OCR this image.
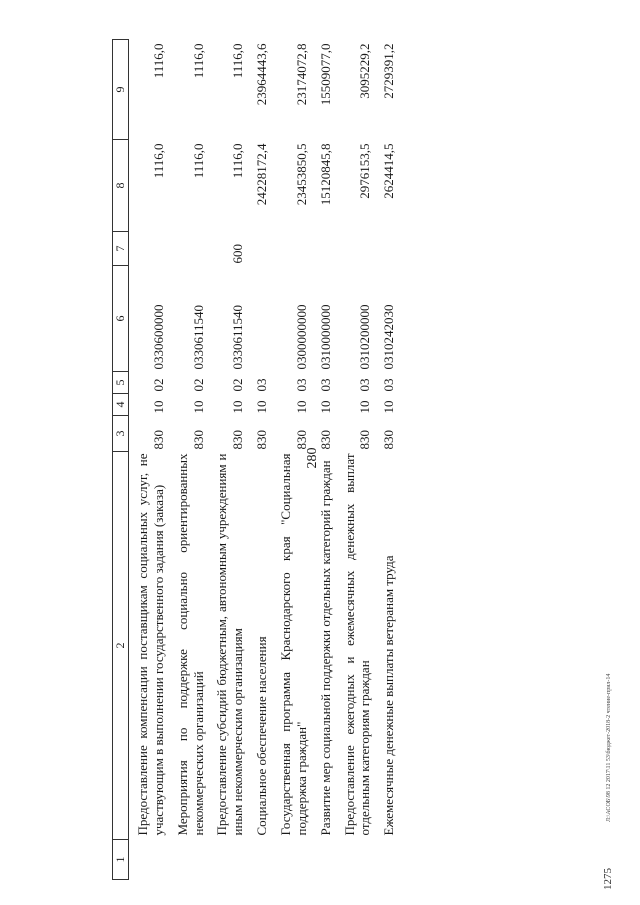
280
1	2	3	4	5	6	7	8	9
	Предоставление компенсации поставщикам социальных услуг, не участвующим в выполнении государственного задания (заказа)	830	10	02	0330600000		1116,0	1116,0
	Мероприятия по поддержке социально ориентированных некоммерческих организаций	830	10	02	0330611540		1116,0	1116,0
	Предоставление субсидий бюджетным, автономным учреждениям и иным некоммерческим организациям	830	10	02	0330611540	600	1116,0	1116,0
	Социальное обеспечение населения	830	10	03			24228172,4	23964443,6
	Государственная программа Краснодарского края "Социальная поддержка граждан"	830	10	03	0300000000		23453850,5	23174072,8
	Развитие мер социальной поддержки отдельных категорий граждан	830	10	03	0310000000		15120845,8	15509077,0
	Предоставление ежегодных и ежемесячных денежных выплат отдельным категориям граждан	830	10	03	0310200000		2976153,5	3095229,2
	Ежемесячные денежные выплаты ветеранам труда	830	10	03	0310242030		2624414,5	2729391,2
Л:\АСОБ\98 12 2017\11 53\бюджет-2018-2 чтение-прил-14
1275
